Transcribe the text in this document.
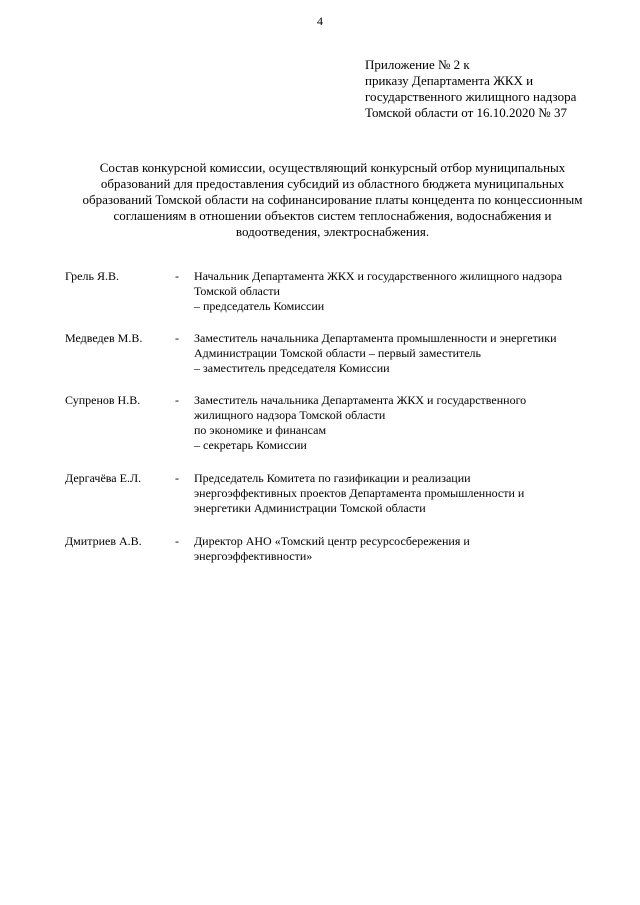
4
Приложение № 2 к
приказу Департамента ЖКХ и
государственного жилищного надзора
Томской области от 16.10.2020 № 37
Состав конкурсной комиссии, осуществляющий конкурсный отбор муниципальных
образований для предоставления субсидий из областного бюджета муниципальных
образований Томской области на софинансирование платы концедента по концессионным
соглашениям в отношении объектов систем теплоснабжения, водоснабжения и
водоотведения, электроснабжения.
Грель Я.В.	- Начальник Департамента ЖКХ и государственного жилищного надзора
Томской области
– председатель Комиссии
Медведев М.В.	- Заместитель начальника Департамента промышленности и энергетики
Администрации Томской области – первый заместитель
– заместитель председателя Комиссии
Супренов Н.В.	- Заместитель начальника Департамента ЖКХ и государственного
жилищного надзора Томской области
по экономике и финансам
– секретарь Комиссии
Дергачёва Е.Л.	- Председатель Комитета по газификации и реализации
энергоэффективных проектов Департамента промышленности и
энергетики Администрации Томской области
Дмитриев А.В.	- Директор АНО «Томский центр ресурсосбережения и
энергоэффективности»
